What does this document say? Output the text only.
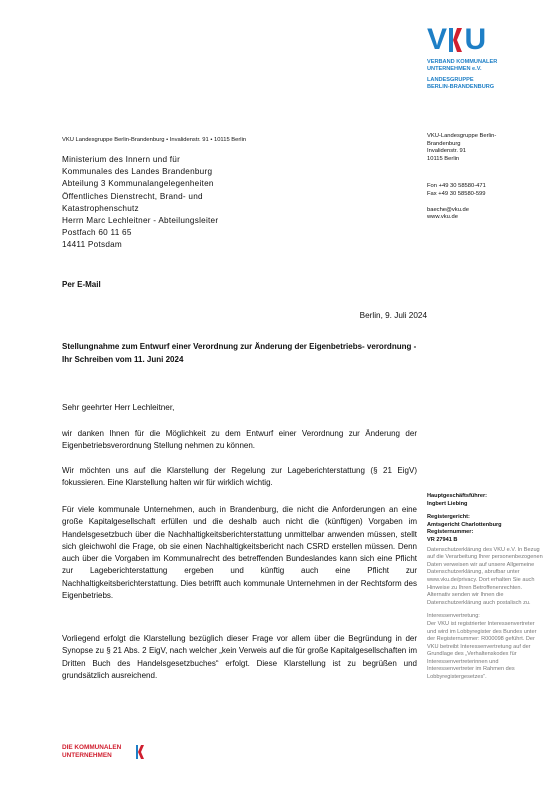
V U
VERBAND KOMMUNALER
UNTERNEHMEN e.V.
LANDESGRUPPE
BERLIN-BRANDENBURG
VKU Landesgruppe Berlin-Brandenburg • Invalidenstr. 91 • 10115 Berlin
Ministerium des Innern und für
Kommunales des Landes Brandenburg
Abteilung 3 Kommunalangelegenheiten
Öffentliches Dienstrecht, Brand- und
Katastrophenschutz
Herrn Marc Lechleitner - Abteilungsleiter
Postfach 60 11 65
14411 Potsdam
VKU-Landesgruppe Berlin-
Brandenburg
Invalidenstr. 91
10115 Berlin
Fon +49 30 58580-471
Fax +49 30 58580-599
baeche@vku.de
www.vku.de
Per E-Mail
Berlin, 9. Juli 2024
Stellungnahme zum Entwurf einer Verordnung zur Änderung der Eigenbetriebs- verordnung - Ihr Schreiben vom 11. Juni 2024
Sehr geehrter Herr Lechleitner,
wir danken Ihnen für die Möglichkeit zu dem Entwurf einer Verordnung zur Änderung der Eigenbetriebsverordnung Stellung nehmen zu können.
Wir möchten uns auf die Klarstellung der Regelung zur Lageberichterstattung (§ 21 EigV) fokussieren. Eine Klarstellung halten wir für wirklich wichtig.
Für viele kommunale Unternehmen, auch in Brandenburg, die nicht die Anforderungen an eine große Kapitalgesellschaft erfüllen und die deshalb auch nicht die (künftigen) Vorgaben im Handelsgesetzbuch über die Nachhaltigkeitsberichterstattung unmittelbar anwenden müssen, stellt sich gleichwohl die Frage, ob sie einen Nachhaltigkeitsbericht nach CSRD erstellen müssen. Denn auch über die Vorgaben im Kommunalrecht des betreffenden Bundeslandes kann sich eine Pflicht zur Lageberichterstattung ergeben und künftig auch eine Pflicht zur Nachhaltigkeitsberichterstattung. Dies betrifft auch kommunale Unternehmen in der Rechtsform des Eigenbetriebs.
Vorliegend erfolgt die Klarstellung bezüglich dieser Frage vor allem über die Begründung in der Synopse zu § 21 Abs. 2 EigV, nach welcher „kein Verweis auf die für große Kapitalgesellschaften im Dritten Buch des Handelsgesetzbuches“ erfolgt. Diese Klarstellung ist zu begrüßen und grundsätzlich ausreichend.
Hauptgeschäftsführer:
Ingbert Liebing
Registergericht:
Amtsgericht Charlottenburg
Registernummer:
VR 27941 B
Datenschutzerklärung des VKU e.V. In Bezug auf die Verarbeitung Ihrer personenbezogenen Daten verweisen wir auf unsere Allgemeine Datenschutzerklärung, abrufbar unter www.vku.de/privacy. Dort erhalten Sie auch Hinweise zu Ihren Betroffenenrechten. Alternativ senden wir Ihnen die Datenschutzerklärung auch postalisch zu.
Interessenvertretung:
Der VKU ist registrierter Interessenvertreter und wird im Lobbyregister des Bundes unter der Registernummer: R000098 geführt. Der VKU betreibt Interessenvertretung auf der Grundlage des „Verhaltenskodex für Interessenvertreterinnen und Interessenvertreter im Rahmen des Lobbyregistergesetzes“.
DIE KOMMUNALEN
UNTERNEHMEN
